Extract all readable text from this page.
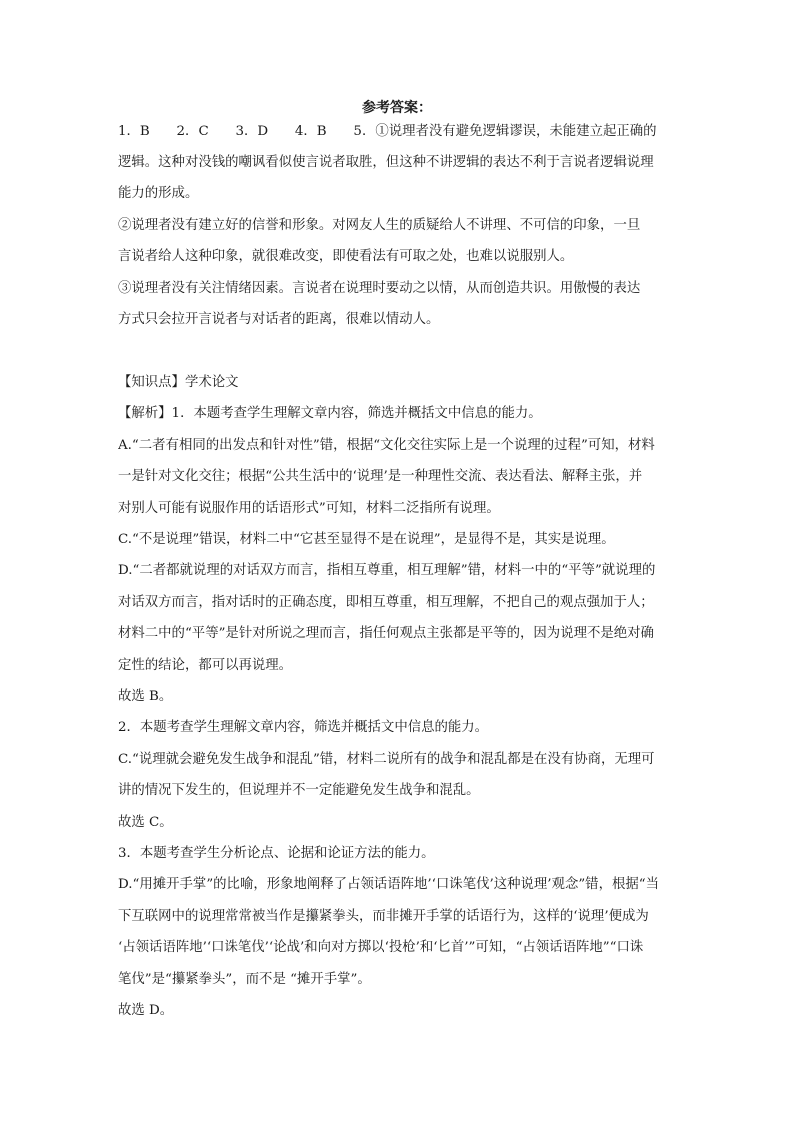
参考答案：
1．B　　2．C　　3．D　　4．B　　5．①说理者没有避免逻辑谬误，未能建立起正确的
逻辑。这种对没钱的嘲讽看似使言说者取胜，但这种不讲逻辑的表达不利于言说者逻辑说理
能力的形成。
②说理者没有建立好的信誉和形象。对网友人生的质疑给人不讲理、不可信的印象，一旦
言说者给人这种印象，就很难改变，即使看法有可取之处，也难以说服别人。
③说理者没有关注情绪因素。言说者在说理时要动之以情，从而创造共识。用傲慢的表达
方式只会拉开言说者与对话者的距离，很难以情动人。
【知识点】学术论文
【解析】1．本题考查学生理解文章内容，筛选并概括文中信息的能力。
A.“二者有相同的出发点和针对性”错，根据“文化交往实际上是一个说理的过程”可知，材料
一是针对文化交往；根据“公共生活中的‘说理’是一种理性交流、表达看法、解释主张，并
对别人可能有说服作用的话语形式”可知，材料二泛指所有说理。
C.“不是说理”错误，材料二中“它甚至显得不是在说理”，是显得不是，其实是说理。
D.“二者都就说理的对话双方而言，指相互尊重，相互理解”错，材料一中的“平等”就说理的
对话双方而言，指对话时的正确态度，即相互尊重，相互理解，不把自己的观点强加于人；
材料二中的“平等”是针对所说之理而言，指任何观点主张都是平等的，因为说理不是绝对确
定性的结论，都可以再说理。
故选 B。
2．本题考查学生理解文章内容，筛选并概括文中信息的能力。
C.“说理就会避免发生战争和混乱”错，材料二说所有的战争和混乱都是在没有协商，无理可
讲的情况下发生的，但说理并不一定能避免发生战争和混乱。
故选 C。
3．本题考查学生分析论点、论据和论证方法的能力。
D.“用摊开手掌”的比喻，形象地阐释了占领话语阵地’‘口诛笔伐’这种说理’观念”错，根据“当
下互联网中的说理常常被当作是攥紧拳头，而非摊开手掌的话语行为，这样的‘说理’便成为
‘占领话语阵地’‘口诛笔伐’‘论战’和向对方掷以‘投枪’和‘匕首’”可知，“占领话语阵地”“口诛
笔伐”是“攥紧拳头”，而不是 “摊开手掌”。
故选 D。
